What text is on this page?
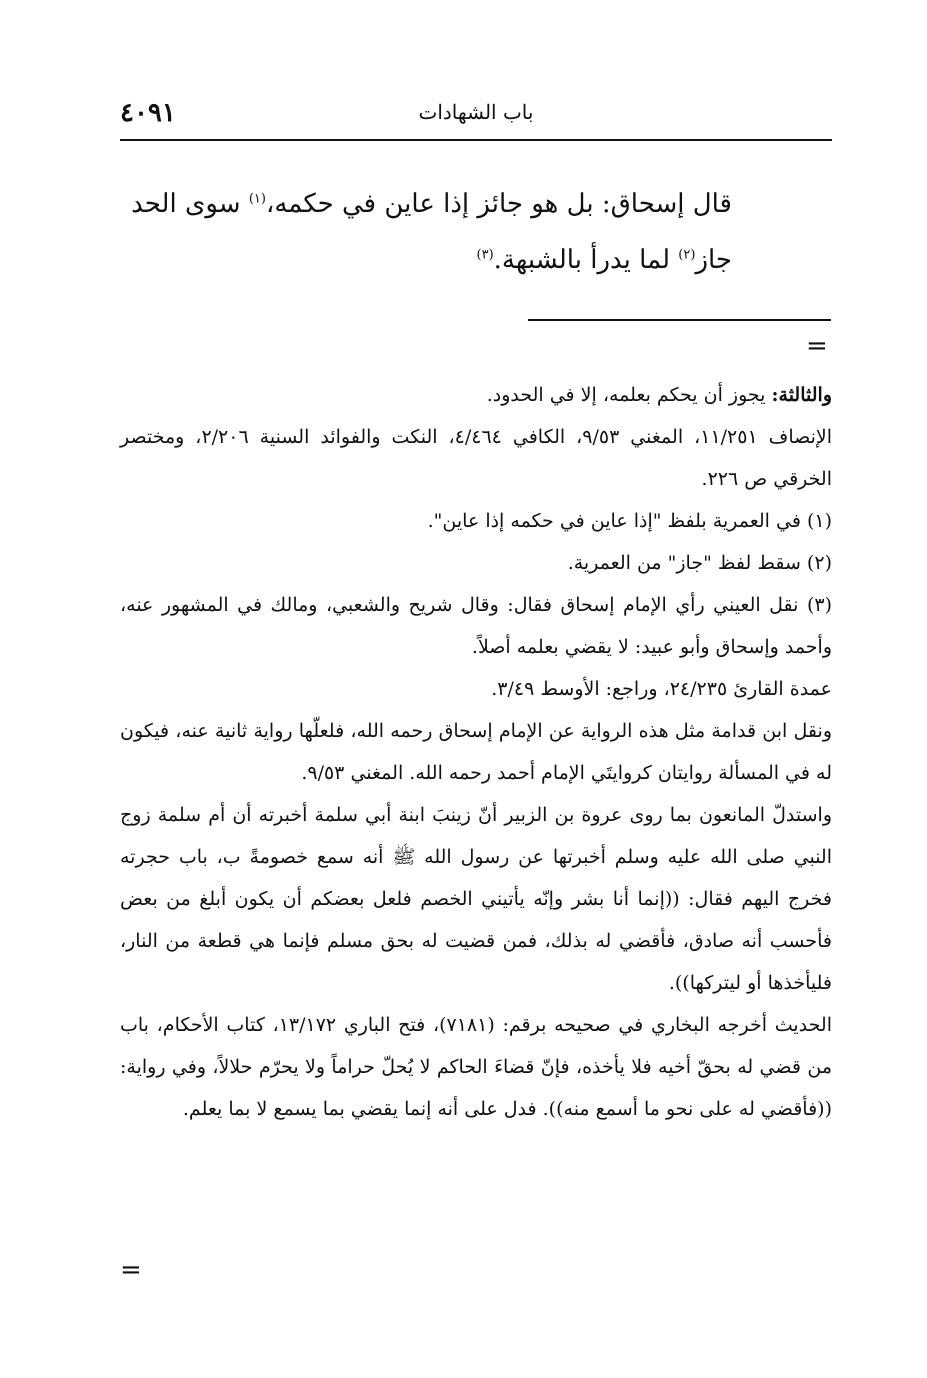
٤٠٩١	باب الشهادات

قال إسحاق: بل هو جائز إذا عاين في حكمه،$^{(١)}$ سوى الحد

جاز$^{(٢)}$ لما يدرأ بالشبهة.$^{(٣)}$

=

والثالثة: يجوز أن يحكم بعلمه، إلا في الحدود.

الإنصاف ١١/٢٥١، المغني ٩/٥٣، الكافي ٤/٤٦٤، النكت والفوائد السنية ٢/٢٠٦، ومختصر الخرقي ص ٢٢٦.

(١) في العمرية بلفظ "إذا عاين في حكمه إذا عاين".

(٢) سقط لفظ "جاز" من العمرية.

(٣) نقل العيني رأي الإمام إسحاق فقال: وقال شريح والشعبي، ومالك في المشهور عنه، وأحمد وإسحاق وأبو عبيد: لا يقضي بعلمه أصلاً.

عمدة القارئ ٢٤/٢٣٥، وراجع: الأوسط ٣/٤٩.

ونقل ابن قدامة مثل هذه الرواية عن الإمام إسحاق رحمه الله، فلعلّها رواية ثانية عنه، فيكون له في المسألة روايتان كروايتَي الإمام أحمد رحمه الله. المغني ٩/٥٣.

واستدلّ المانعون بما روى عروة بن الزبير أنّ زينبَ ابنة أبي سلمة أخبرته أن أم سلمة زوج النبي صلى الله عليه وسلم أخبرتها عن رسول الله ﷺ أنه سمع خصومةً ب، باب حجرته فخرج اليهم فقال: ((إنما أنا بشر وإنّه يأتيني الخصم فلعل بعضكم أن يكون أبلغ من بعض فأحسب أنه صادق، فأقضي له بذلك، فمن قضيت له بحق مسلم فإنما هي قطعة من النار، فليأخذها أو ليتركها)).

الحديث أخرجه البخاري في صحيحه برقم: (٧١٨١)، فتح الباري ١٣/١٧٢، كتاب الأحكام، باب من قضي له بحقّ أخيه فلا يأخذه، فإنّ قضاءَ الحاكم لا يُحلّ حراماً ولا يحرّم حلالاً، وفي رواية: ((فأقضي له على نحو ما أسمع منه)). فدل على أنه إنما يقضي بما يسمع لا بما يعلم.

=
